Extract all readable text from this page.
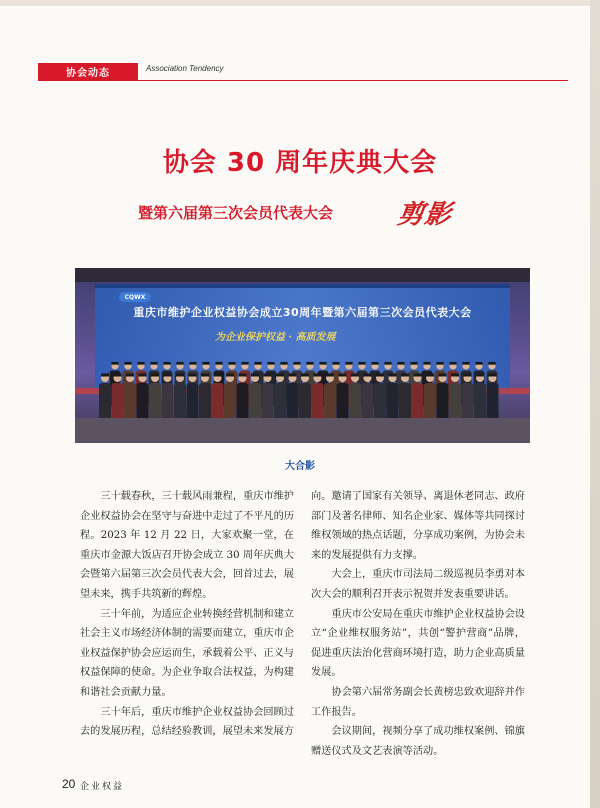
协会动态	Association Tendency
协会 30 周年庆典大会
暨第六届第三次会员代表大会 剪影
CQWX
重庆市维护企业权益协会成立30周年暨第六届第三次会员代表大会
为企业保护权益 · 高质发展
大合影

三十载春秋，三十载风雨兼程，重庆市维护企业权益协会在坚守与奋进中走过了不平凡的历程。2023 年 12 月 22 日，大家欢聚一堂，在重庆市金源大饭店召开协会成立 30 周年庆典大会暨第六届第三次会员代表大会，回首过去，展望未来，携手共筑新的辉煌。

三十年前，为适应企业转换经营机制和建立社会主义市场经济体制的需要而建立，重庆市企业权益保护协会应运而生，承载着公平、正义与权益保障的使命。为企业争取合法权益，为构建和谐社会贡献力量。

三十年后，重庆市维护企业权益协会回顾过去的发展历程，总结经验教训，展望未来发展方

向。邀请了国家有关领导、离退休老同志、政府部门及著名律师、知名企业家、媒体等共同探讨维权领域的热点话题，分享成功案例，为协会未来的发展提供有力支撑。

大会上，重庆市司法局二级巡视员李勇对本次大会的顺利召开表示祝贺并发表重要讲话。

重庆市公安局在重庆市维护企业权益协会设立“企业维权服务站”，共创“警护营商”品牌，促进重庆法治化营商环境打造，助力企业高质量发展。

协会第六届常务副会长黄榜忠致欢迎辞并作工作报告。

会议期间，视频分享了成功维权案例、锦旗赠送仪式及文艺表演等活动。

20 企业权益
